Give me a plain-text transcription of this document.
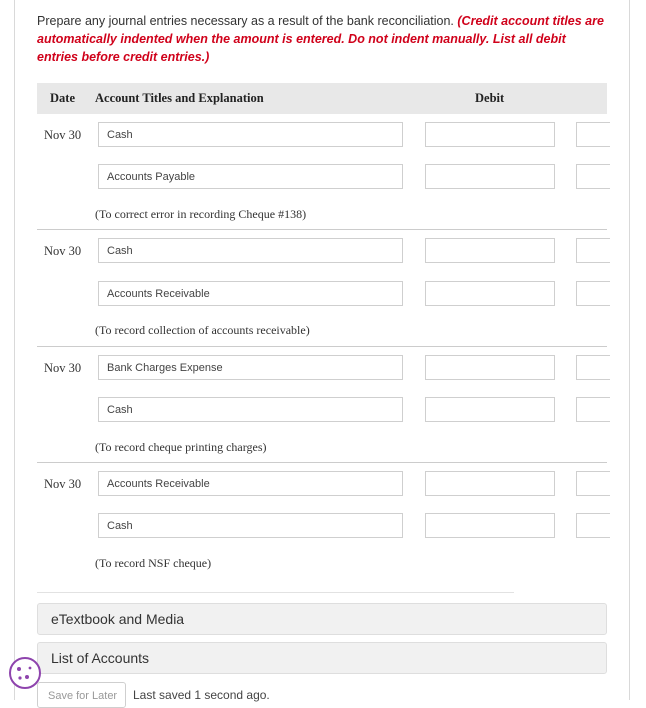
Prepare any journal entries necessary as a result of the bank reconciliation. (Credit account titles are automatically indented when the amount is entered. Do not indent manually. List all debit entries before credit entries.)
Date Account Titles and Explanation	Debit
Nov 30	Cash
Accounts Payable
(To correct error in recording Cheque #138)
Nov 30	Cash
Accounts Receivable
(To record collection of accounts receivable)
Nov 30	Bank Charges Expense
Cash
(To record cheque printing charges)
Nov 30	Accounts Receivable
Cash
(To record NSF cheque)
eTextbook and Media
List of Accounts
Save for Later	Last saved 1 second ago.
